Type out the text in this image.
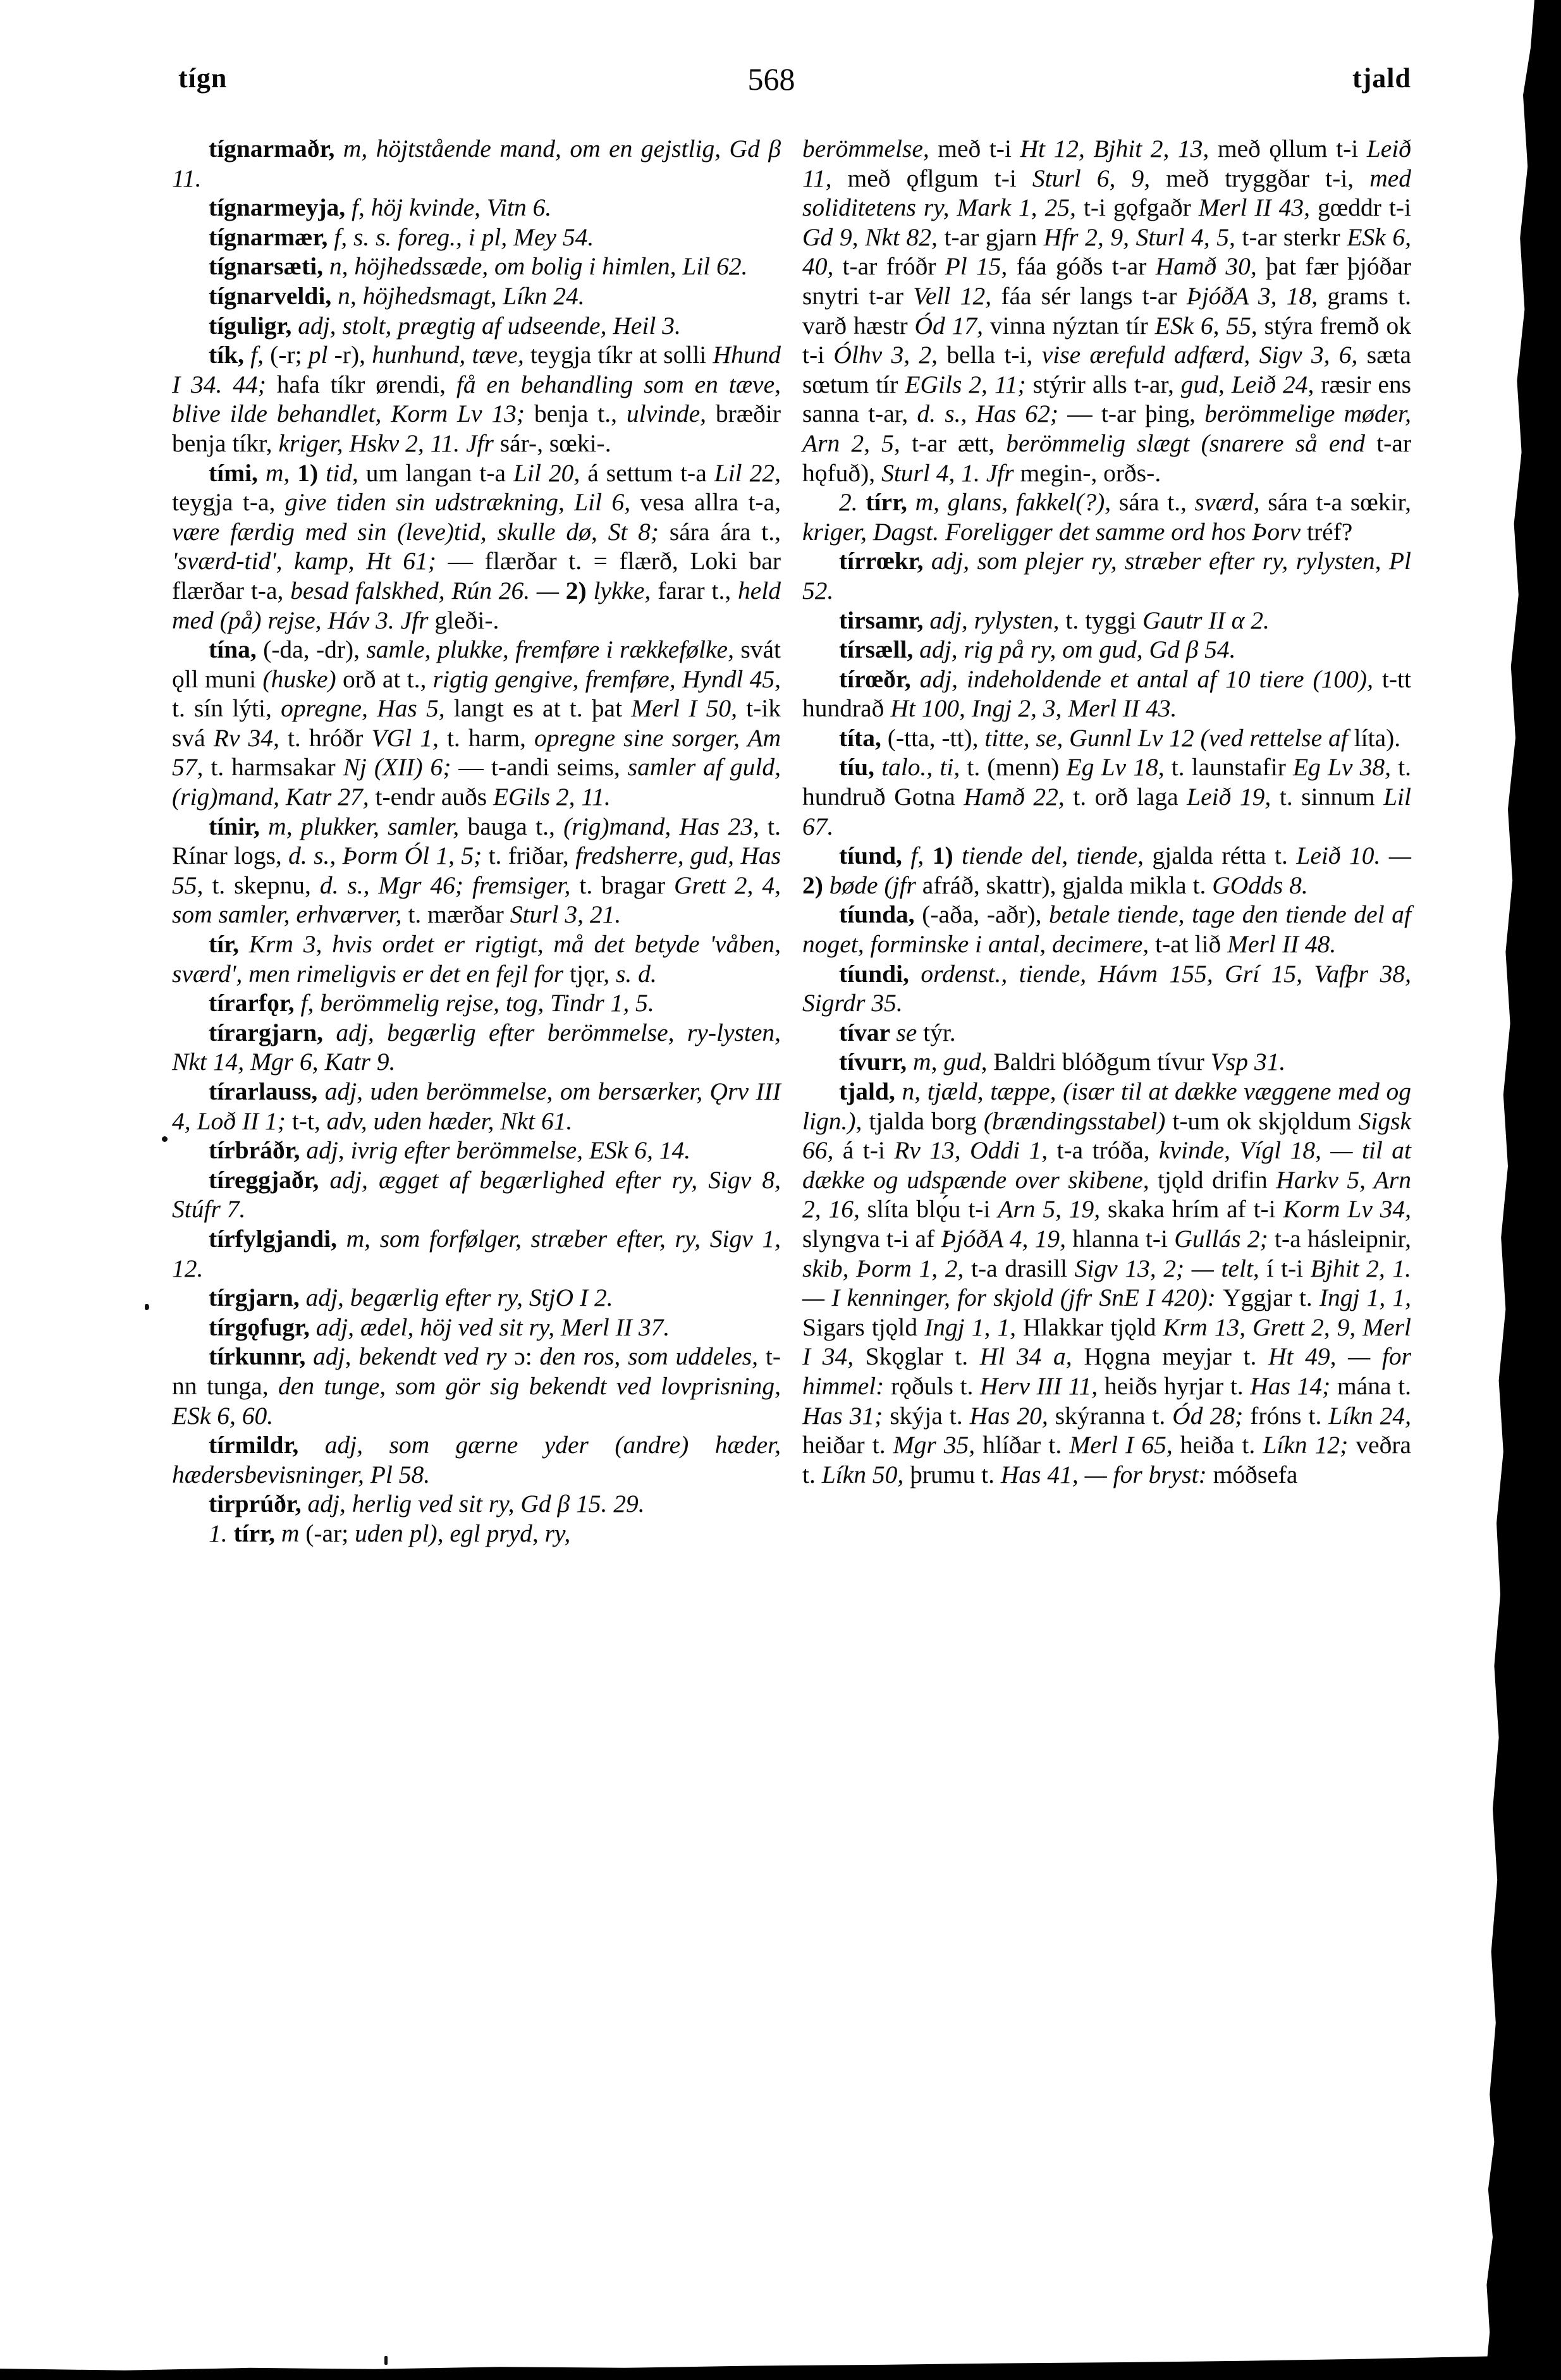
568
tígn	tjald

tígnarmaðr, m, höjtstående mand, om en gejstlig, Gd β 11.

tígnarmeyja, f, höj kvinde, Vitn 6.

tígnarmær, f, s. s. foreg., i pl, Mey 54.

tígnarsæti, n, höjhedssæde, om bolig i himlen, Lil 62.

tígnarveldi, n, höjhedsmagt, Líkn 24.

tíguligr, adj, stolt, prægtig af udseende, Heil 3.

tík, f, (-r; pl -r), hunhund, tæve, teygja tíkr at solli Hhund I 34. 44; hafa tíkr ørendi, få en behandling som en tæve, blive ilde behandlet, Korm Lv 13; benja t., ulvinde, bræðir benja tíkr, kriger, Hskv 2, 11. Jfr sár-, sœki-.

tími, m, 1) tid, um langan t-a Lil 20, á settum t-a Lil 22, teygja t-a, give tiden sin udstrækning, Lil 6, vesa allra t-a, være færdig med sin (leve)tid, skulle dø, St 8; sára ára t., 'sværd-tid', kamp, Ht 61; — flærðar t. = flærð, Loki bar flærðar t-a, besad falskhed, Rún 26. — 2) lykke, farar t., held med (på) rejse, Háv 3. Jfr gleði-.

tína, (-da, -dr), samle, plukke, fremføre i rækkefølke, svát ǫll muni (huske) orð at t., rigtig gengive, fremføre, Hyndl 45, t. sín lýti, opregne, Has 5, langt es at t. þat Merl I 50, t-ik svá Rv 34, t. hróðr VGl 1, t. harm, opregne sine sorger, Am 57, t. harmsakar Nj (XII) 6; — t-andi seims, samler af guld, (rig)mand, Katr 27, t-endr auðs EGils 2, 11.

tínir, m, plukker, samler, bauga t., (rig)mand, Has 23, t. Rínar logs, d. s., Þorm Ól 1, 5; t. friðar, fredsherre, gud, Has 55, t. skepnu, d. s., Mgr 46; fremsiger, t. bragar Grett 2, 4, som samler, erhværver, t. mærðar Sturl 3, 21.

tír, Krm 3, hvis ordet er rigtigt, må det betyde 'våben, sværd', men rimeligvis er det en fejl for tjǫr, s. d.

tírarfǫr, f, berömmelig rejse, tog, Tindr 1, 5.

tírargjarn, adj, begærlig efter berömmelse, ry-lysten, Nkt 14, Mgr 6, Katr 9.

tírarlauss, adj, uden berömmelse, om bersærker, Ǫrv III 4, Loð II 1; t-t, adv, uden hæder, Nkt 61.

tírbráðr, adj, ivrig efter berömmelse, ESk 6, 14.

tíreggjaðr, adj, ægget af begærlighed efter ry, Sigv 8, Stúfr 7.

tírfylgjandi, m, som forfølger, stræber efter, ry, Sigv 1, 12.

tírgjarn, adj, begærlig efter ry, StjO I 2.

tírgǫfugr, adj, ædel, höj ved sit ry, Merl II 37.

tírkunnr, adj, bekendt ved ry ɔ: den ros, som uddeles, t-nn tunga, den tunge, som gör sig bekendt ved lovprisning, ESk 6, 60.

tírmildr, adj, som gærne yder (andre) hæder, hædersbevisninger, Pl 58.

tirprúðr, adj, herlig ved sit ry, Gd β 15. 29.

1. tírr, m (-ar; uden pl), egl pryd, ry,

berömmelse, með t-i Ht 12, Bjhit 2, 13, með ǫllum t-i Leið 11, með ǫflgum t-i Sturl 6, 9, með tryggðar t-i, med soliditetens ry, Mark 1, 25, t-i gǫfgaðr Merl II 43, gœddr t-i Gd 9, Nkt 82, t-ar gjarn Hfr 2, 9, Sturl 4, 5, t-ar sterkr ESk 6, 40, t-ar fróðr Pl 15, fáa góðs t-ar Hamð 30, þat fær þjóðar snytri t-ar Vell 12, fáa sér langs t-ar ÞjóðA 3, 18, grams t. varð hæstr Ód 17, vinna nýztan tír ESk 6, 55, stýra fremð ok t-i Ólhv 3, 2, bella t-i, vise ærefuld adfærd, Sigv 3, 6, sæta sœtum tír EGils 2, 11; stýrir alls t-ar, gud, Leið 24, ræsir ens sanna t-ar, d. s., Has 62; — t-ar þing, berömmelige møder, Arn 2, 5, t-ar ætt, berömmelig slægt (snarere så end t-ar hǫfuð), Sturl 4, 1. Jfr megin-, orðs-.

2. tírr, m, glans, fakkel(?), sára t., sværd, sára t-a sœkir, kriger, Dagst. Foreligger det samme ord hos Þorv tréf?

tírrœkr, adj, som plejer ry, stræber efter ry, rylysten, Pl 52.

tirsamr, adj, rylysten, t. tyggi Gautr II α 2.

tírsæll, adj, rig på ry, om gud, Gd β 54.

tírœðr, adj, indeholdende et antal af 10 tiere (100), t-tt hundrað Ht 100, Ingj 2, 3, Merl II 43.

títa, (-tta, -tt), titte, se, Gunnl Lv 12 (ved rettelse af líta).

tíu, talo., ti, t. (menn) Eg Lv 18, t. launstafir Eg Lv 38, t. hundruð Gotna Hamð 22, t. orð laga Leið 19, t. sinnum Lil 67.

tíund, f, 1) tiende del, tiende, gjalda rétta t. Leið 10. — 2) bøde (jfr afráð, skattr), gjalda mikla t. GOdds 8.

tíunda, (-aða, -aðr), betale tiende, tage den tiende del af noget, forminske i antal, decimere, t-at lið Merl II 48.

tíundi, ordenst., tiende, Hávm 155, Grí 15, Vafþr 38, Sigrdr 35.

tívar se týr.

tívurr, m, gud, Baldri blóðgum tívur Vsp 31.

tjald, n, tjæld, tæppe, (især til at dække væggene med og lign.), tjalda borg (brændingsstabel) t-um ok skjǫldum Sigsk 66, á t-i Rv 13, Oddi 1, t-a tróða, kvinde, Vígl 18, — til at dække og udspænde over skibene, tjǫld drifin Harkv 5, Arn 2, 16, slíta blǫ́u t-i Arn 5, 19, skaka hrím af t-i Korm Lv 34, slyngva t-i af ÞjóðA 4, 19, hlanna t-i Gullás 2; t-a hásleipnir, skib, Þorm 1, 2, t-a drasill Sigv 13, 2; — telt, í t-i Bjhit 2, 1. — I kenninger, for skjold (jfr SnE I 420): Yggjar t. Ingj 1, 1, Sigars tjǫld Ingj 1, 1, Hlakkar tjǫld Krm 13, Grett 2, 9, Merl I 34, Skǫglar t. Hl 34 a, Hǫgna meyjar t. Ht 49, — for himmel: rǫðuls t. Herv III 11, heiðs hyrjar t. Has 14; mána t. Has 31; skýja t. Has 20, skýranna t. Ód 28; fróns t. Líkn 24, heiðar t. Mgr 35, hlíðar t. Merl I 65, heiða t. Líkn 12; veðra t. Líkn 50, þrumu t. Has 41, — for bryst: móðsefa
